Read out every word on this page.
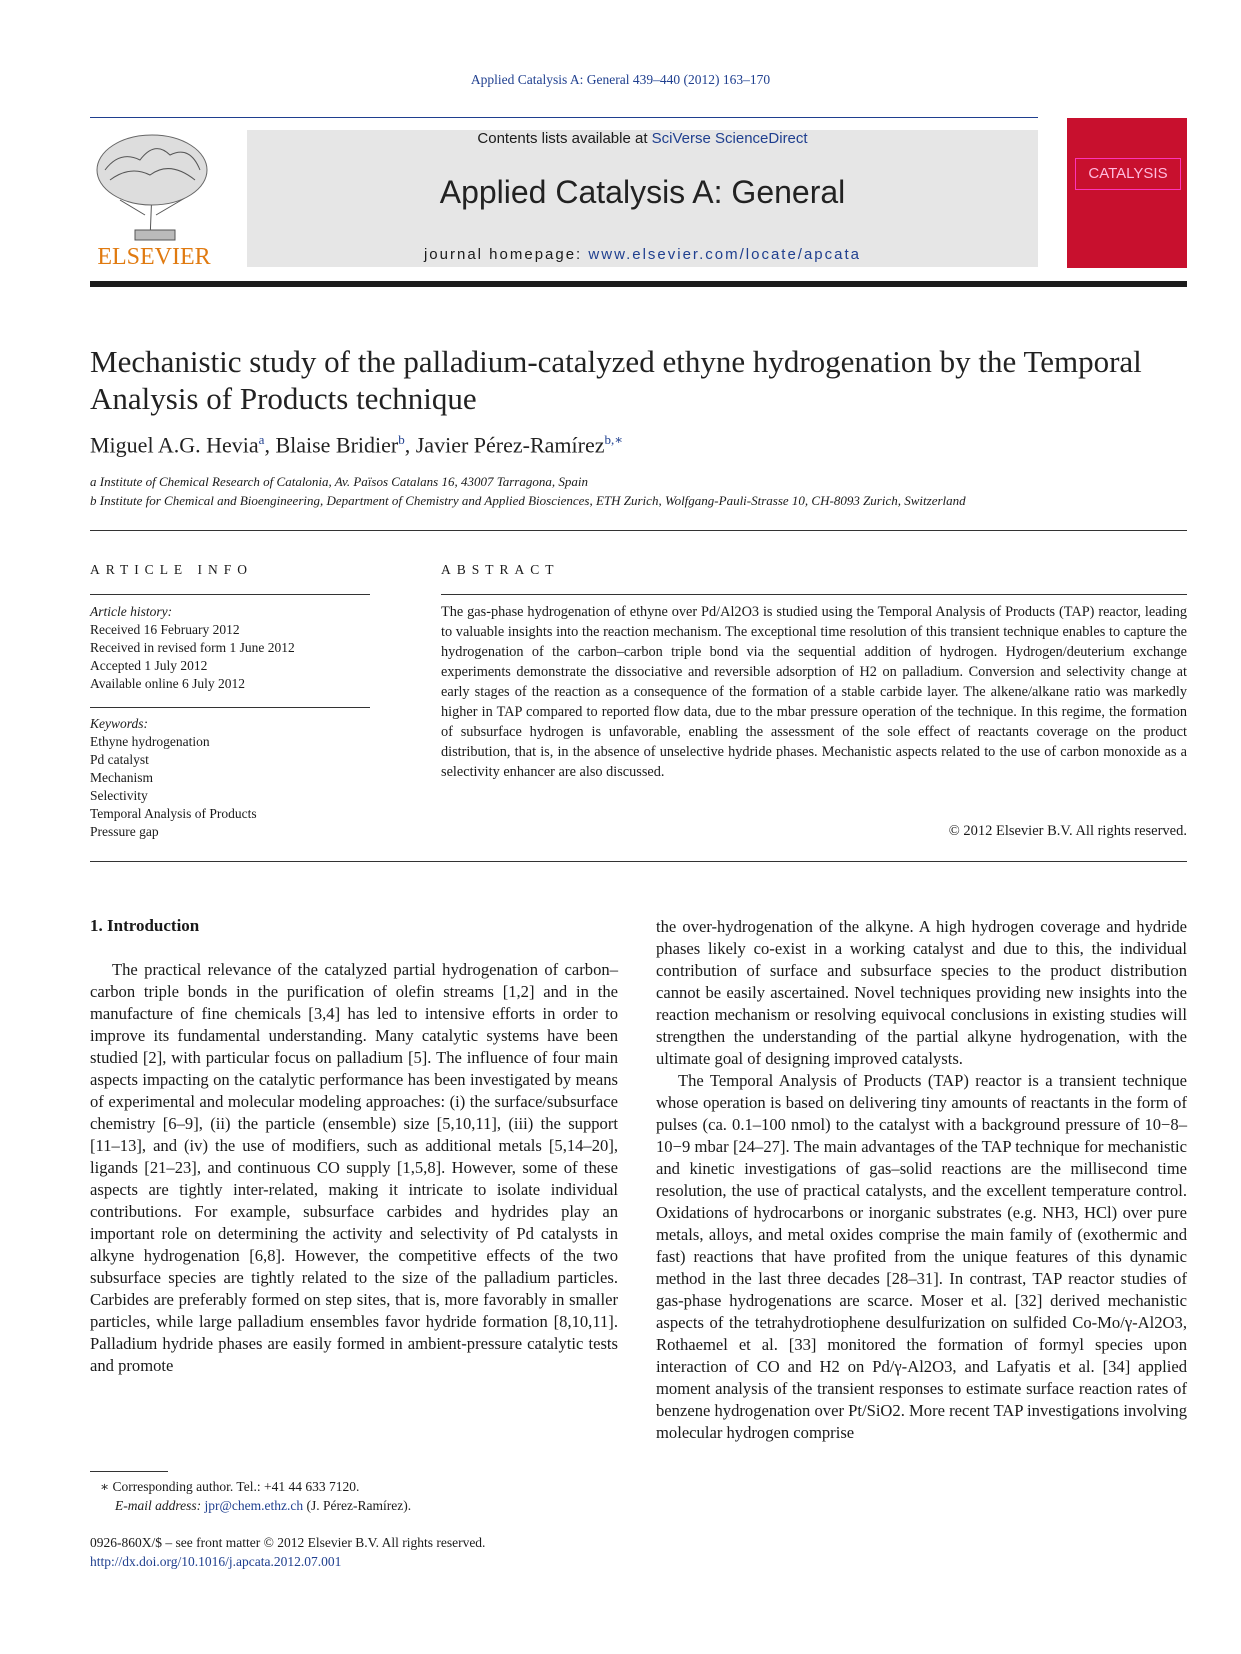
Applied Catalysis A: General 439–440 (2012) 163–170
ELSEVIER
Contents lists available at SciVerse ScienceDirect
Applied Catalysis A: General
journal homepage: www.elsevier.com/locate/apcata
CATALYSIS
Mechanistic study of the palladium-catalyzed ethyne hydrogenation by the Temporal Analysis of Products technique
Miguel A.G. Hevia$^a$, Blaise Bridier$^b$, Javier Pérez-Ramírez$^{b,∗}$
a Institute of Chemical Research of Catalonia, Av. Països Catalans 16, 43007 Tarragona, Spain
b Institute for Chemical and Bioengineering, Department of Chemistry and Applied Biosciences, ETH Zurich, Wolfgang-Pauli-Strasse 10, CH-8093 Zurich, Switzerland
ARTICLE INFO
Article history:
Received 16 February 2012
Received in revised form 1 June 2012
Accepted 1 July 2012
Available online 6 July 2012
Keywords:
Ethyne hydrogenation
Pd catalyst
Mechanism
Selectivity
Temporal Analysis of Products
Pressure gap
ABSTRACT
The gas-phase hydrogenation of ethyne over Pd/Al2O3 is studied using the Temporal Analysis of Products (TAP) reactor, leading to valuable insights into the reaction mechanism. The exceptional time resolution of this transient technique enables to capture the hydrogenation of the carbon–carbon triple bond via the sequential addition of hydrogen. Hydrogen/deuterium exchange experiments demonstrate the dissociative and reversible adsorption of H2 on palladium. Conversion and selectivity change at early stages of the reaction as a consequence of the formation of a stable carbide layer. The alkene/alkane ratio was markedly higher in TAP compared to reported flow data, due to the mbar pressure operation of the technique. In this regime, the formation of subsurface hydrogen is unfavorable, enabling the assessment of the sole effect of reactants coverage on the product distribution, that is, in the absence of unselective hydride phases. Mechanistic aspects related to the use of carbon monoxide as a selectivity enhancer are also discussed.
© 2012 Elsevier B.V. All rights reserved.
1. Introduction

The practical relevance of the catalyzed partial hydrogenation of carbon–carbon triple bonds in the purification of olefin streams [1,2] and in the manufacture of fine chemicals [3,4] has led to intensive efforts in order to improve its fundamental understanding. Many catalytic systems have been studied [2], with particular focus on palladium [5]. The influence of four main aspects impacting on the catalytic performance has been investigated by means of experimental and molecular modeling approaches: (i) the surface/subsurface chemistry [6–9], (ii) the particle (ensemble) size [5,10,11], (iii) the support [11–13], and (iv) the use of modifiers, such as additional metals [5,14–20], ligands [21–23], and continuous CO supply [1,5,8]. However, some of these aspects are tightly inter-related, making it intricate to isolate individual contributions. For example, subsurface carbides and hydrides play an important role on determining the activity and selectivity of Pd catalysts in alkyne hydrogenation [6,8]. However, the competitive effects of the two subsurface species are tightly related to the size of the palladium particles. Carbides are preferably formed on step sites, that is, more favorably in smaller particles, while large palladium ensembles favor hydride formation [8,10,11]. Palladium hydride phases are easily formed in ambient-pressure catalytic tests and promote

the over-hydrogenation of the alkyne. A high hydrogen coverage and hydride phases likely co-exist in a working catalyst and due to this, the individual contribution of surface and subsurface species to the product distribution cannot be easily ascertained. Novel techniques providing new insights into the reaction mechanism or resolving equivocal conclusions in existing studies will strengthen the understanding of the partial alkyne hydrogenation, with the ultimate goal of designing improved catalysts.

The Temporal Analysis of Products (TAP) reactor is a transient technique whose operation is based on delivering tiny amounts of reactants in the form of pulses (ca. 0.1–100 nmol) to the catalyst with a background pressure of 10−8–10−9 mbar [24–27]. The main advantages of the TAP technique for mechanistic and kinetic investigations of gas–solid reactions are the millisecond time resolution, the use of practical catalysts, and the excellent temperature control. Oxidations of hydrocarbons or inorganic substrates (e.g. NH3, HCl) over pure metals, alloys, and metal oxides comprise the main family of (exothermic and fast) reactions that have profited from the unique features of this dynamic method in the last three decades [28–31]. In contrast, TAP reactor studies of gas-phase hydrogenations are scarce. Moser et al. [32] derived mechanistic aspects of the tetrahydrotiophene desulfurization on sulfided Co-Mo/γ-Al2O3, Rothaemel et al. [33] monitored the formation of formyl species upon interaction of CO and H2 on Pd/γ-Al2O3, and Lafyatis et al. [34] applied moment analysis of the transient responses to estimate surface reaction rates of benzene hydrogenation over Pt/SiO2. More recent TAP investigations involving molecular hydrogen comprise

∗ Corresponding author. Tel.: +41 44 633 7120.
E-mail address: jpr@chem.ethz.ch (J. Pérez-Ramírez).
0926-860X/$ – see front matter © 2012 Elsevier B.V. All rights reserved.
http://dx.doi.org/10.1016/j.apcata.2012.07.001
